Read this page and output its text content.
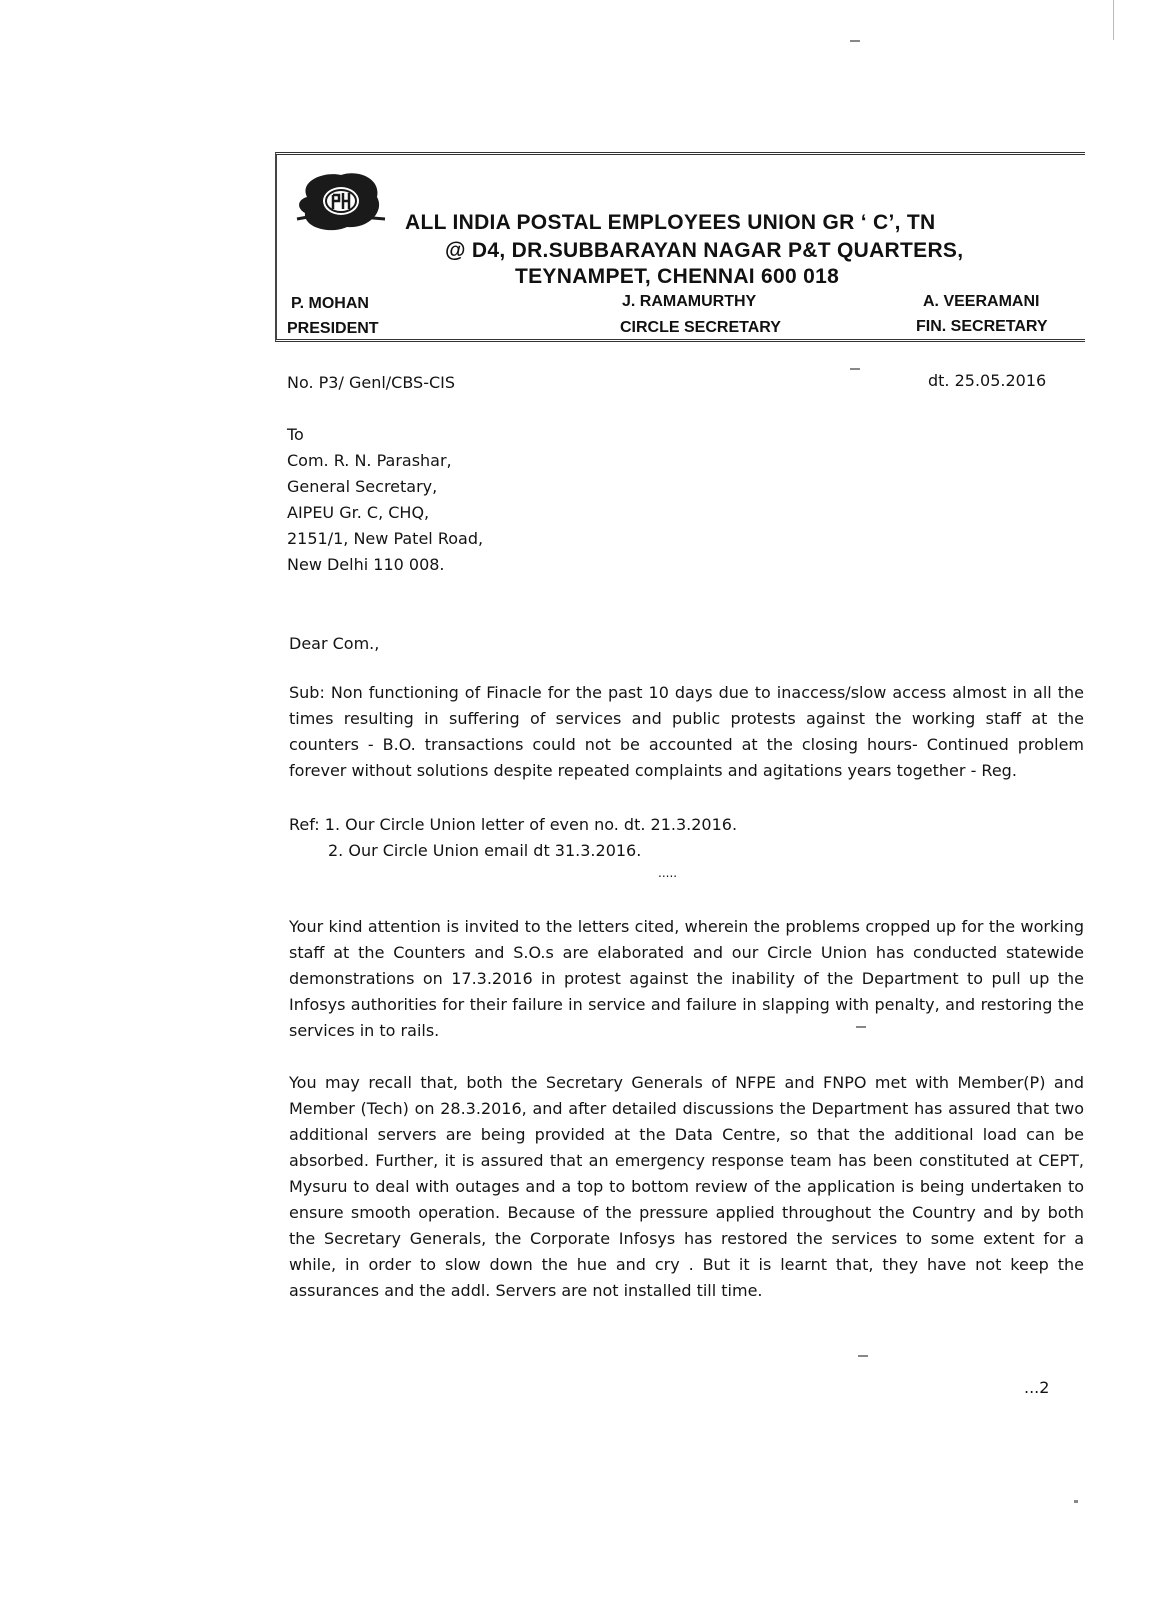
ALL INDIA POSTAL EMPLOYEES UNION GR ‘ C’, TN
@ D4, DR.SUBBARAYAN NAGAR P&T QUARTERS,
TEYNAMPET, CHENNAI 600 018
P. MOHAN
PRESIDENT
J. RAMAMURTHY
CIRCLE SECRETARY
A. VEERAMANI
FIN. SECRETARY
No. P3/ Genl/CBS-CIS	dt. 25.05.2016
To
Com. R. N. Parashar,
General Secretary,
AIPEU Gr. C, CHQ,
2151/1, New Patel Road,
New Delhi 110 008.
Dear Com.,
Sub: Non functioning of Finacle for the past 10 days due to inaccess/slow access almost in all the times resulting in suffering of services and public protests against the working staff at the counters - B.O. transactions could not be accounted at the closing hours- Continued problem forever without solutions despite repeated complaints and agitations years together - Reg.
Ref: 1. Our Circle Union letter of even no. dt. 21.3.2016.
2. Our Circle Union email dt 31.3.2016.
.....
Your kind attention is invited to the letters cited, wherein the problems cropped up for the working staff at the Counters and S.O.s are elaborated and our Circle Union has conducted statewide demonstrations on 17.3.2016 in protest against the inability of the Department to pull up the Infosys authorities for their failure in service and failure in slapping with penalty, and restoring the services in to rails.
You may recall that, both the Secretary Generals of NFPE and FNPO met with Member(P) and Member (Tech) on 28.3.2016, and after detailed discussions the Department has assured that two additional servers are being provided at the Data Centre, so that the additional load can be absorbed. Further, it is assured that an emergency response team has been constituted at CEPT, Mysuru to deal with outages and a top to bottom review of the application is being undertaken to ensure smooth operation. Because of the pressure applied throughout the Country and by both the Secretary Generals, the Corporate Infosys has restored the services to some extent for a while, in order to slow down the hue and cry . But it is learnt that, they have not keep the assurances and the addl. Servers are not installed till time.
...2
